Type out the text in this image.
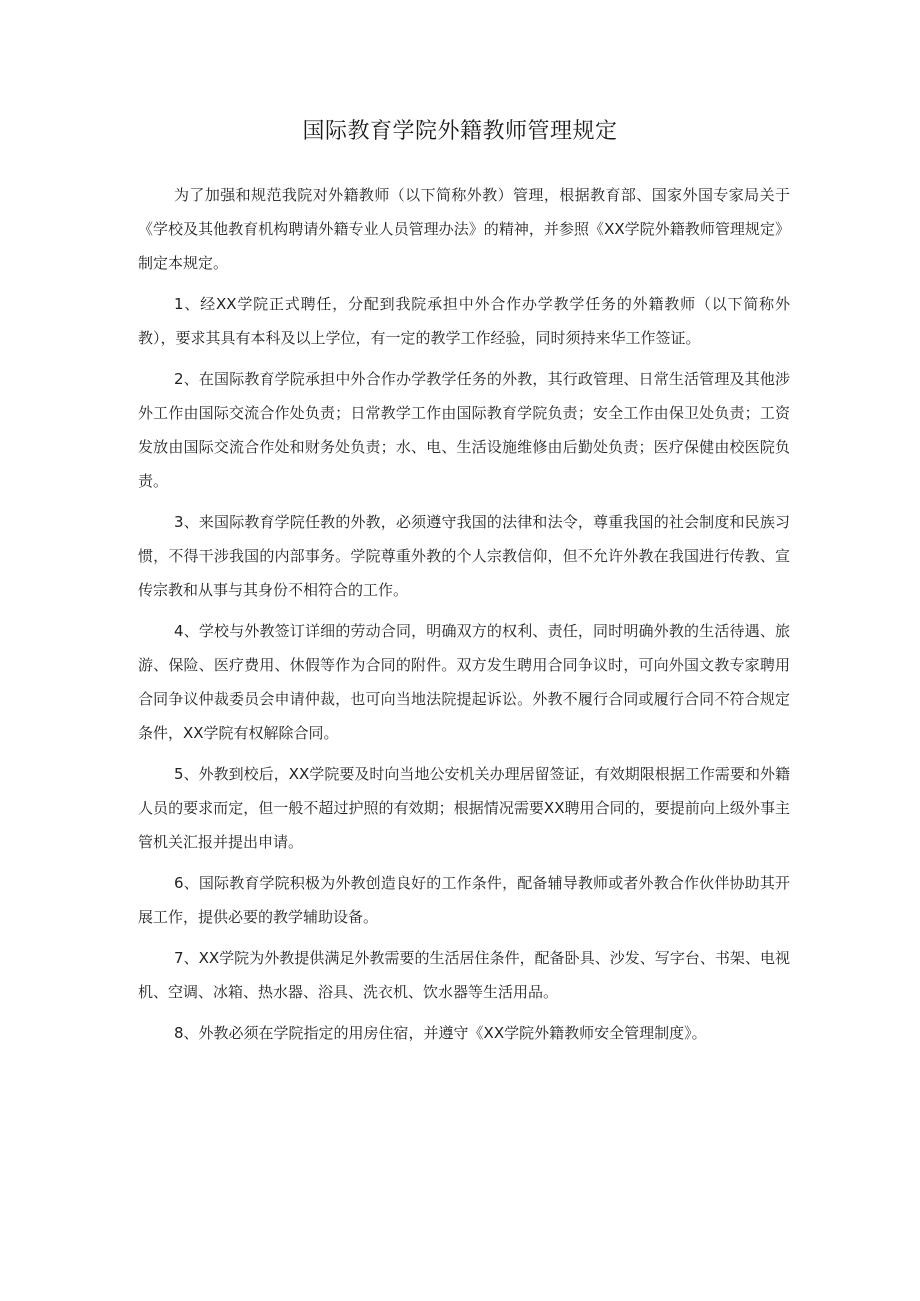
国际教育学院外籍教师管理规定

为了加强和规范我院对外籍教师（以下简称外教）管理，根据教育部、国家外国专家局关于《学校及其他教育机构聘请外籍专业人员管理办法》的精神，并参照《XX学院外籍教师管理规定》制定本规定。

1、经XX学院正式聘任，分配到我院承担中外合作办学教学任务的外籍教师（以下简称外教），要求其具有本科及以上学位，有一定的教学工作经验，同时须持来华工作签证。

2、在国际教育学院承担中外合作办学教学任务的外教，其行政管理、日常生活管理及其他涉外工作由国际交流合作处负责；日常教学工作由国际教育学院负责；安全工作由保卫处负责；工资发放由国际交流合作处和财务处负责；水、电、生活设施维修由后勤处负责；医疗保健由校医院负责。

3、来国际教育学院任教的外教，必须遵守我国的法律和法令，尊重我国的社会制度和民族习惯，不得干涉我国的内部事务。学院尊重外教的个人宗教信仰，但不允许外教在我国进行传教、宣传宗教和从事与其身份不相符合的工作。

4、学校与外教签订详细的劳动合同，明确双方的权利、责任，同时明确外教的生活待遇、旅游、保险、医疗费用、休假等作为合同的附件。双方发生聘用合同争议时，可向外国文教专家聘用合同争议仲裁委员会申请仲裁，也可向当地法院提起诉讼。外教不履行合同或履行合同不符合规定条件，XX学院有权解除合同。

5、外教到校后，XX学院要及时向当地公安机关办理居留签证，有效期限根据工作需要和外籍人员的要求而定，但一般不超过护照的有效期；根据情况需要XX聘用合同的，要提前向上级外事主管机关汇报并提出申请。

6、国际教育学院积极为外教创造良好的工作条件，配备辅导教师或者外教合作伙伴协助其开展工作，提供必要的教学辅助设备。

7、XX学院为外教提供满足外教需要的生活居住条件，配备卧具、沙发、写字台、书架、电视机、空调、冰箱、热水器、浴具、洗衣机、饮水器等生活用品。

8、外教必须在学院指定的用房住宿，并遵守《XX学院外籍教师安全管理制度》。
